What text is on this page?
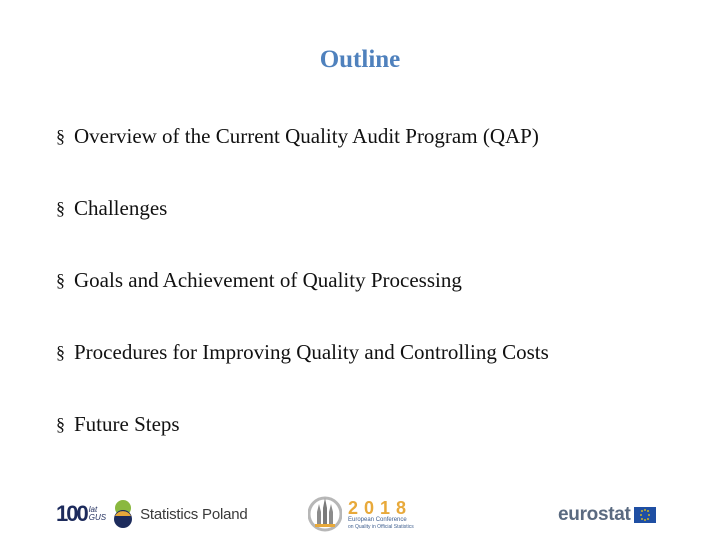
Outline
§ Overview of the Current Quality Audit Program (QAP)
§ Challenges
§ Goals and Achievement of Quality Processing
§ Procedures for Improving Quality and Controlling Costs
§ Future Steps
100 lat
GUS Statistics Poland	2018
European Conference
on Quality in Official Statistics
eurostat
